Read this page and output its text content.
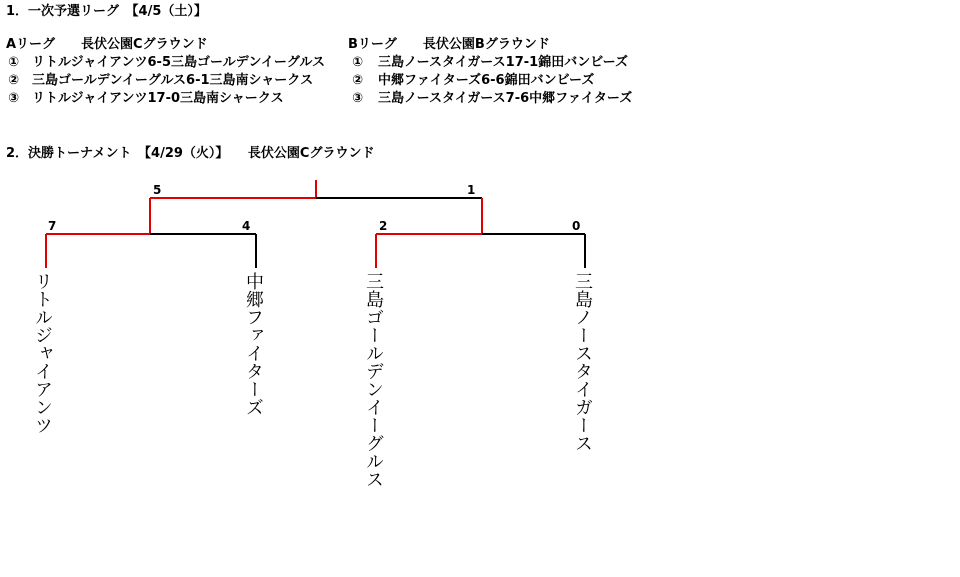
1．一次予選リーグ　【4/5（土）】
Aリーグ　　長伏公園Cグラウンド
① リトルジャイアンツ6-5三島ゴールデンイーグルス
② 三島ゴールデンイーグルス6-1三島南シャークス
③ リトルジャイアンツ17-0三島南シャークス
Bリーグ　　長伏公園Bグラウンド
① 三島ノースタイガース17-1錦田バンビーズ
② 中郷ファイターズ6-6錦田バンビーズ
③ 三島ノースタイガース7-6中郷ファイターズ
2．決勝トーナメント　【4/29（火）】　　長伏公園Cグラウンド
5	1
7	4	2	0
リトルジャイアンツ	中郷ファイターズ	三島ゴールデンイーグルス	三島ノースタイガース
